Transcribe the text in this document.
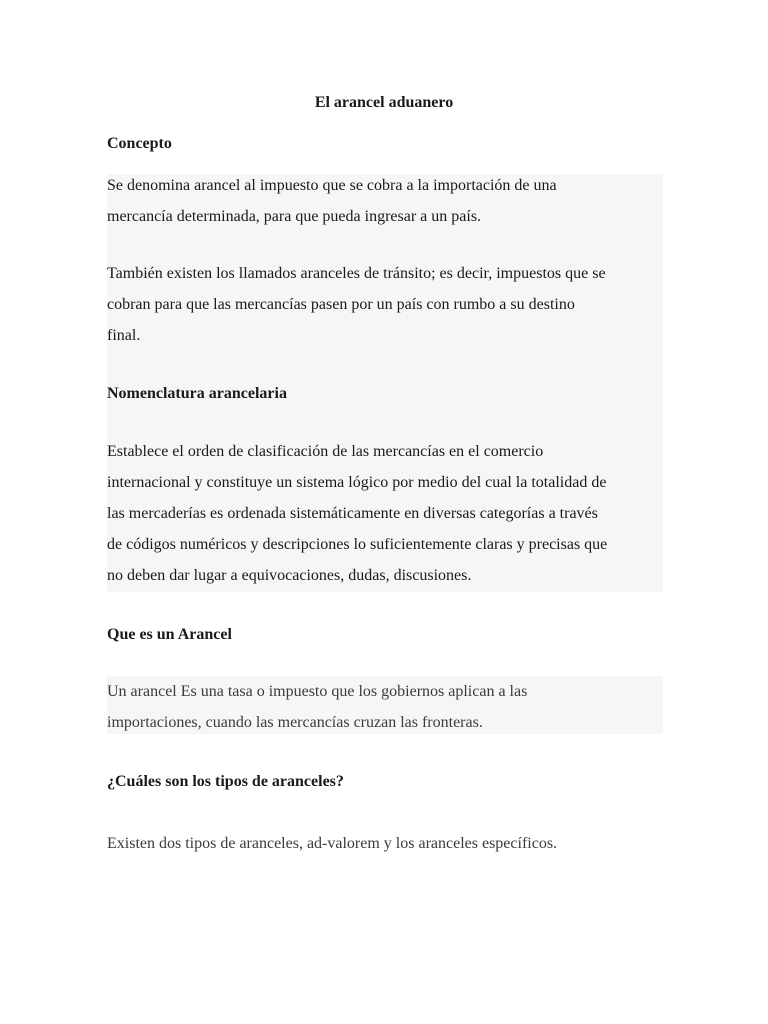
El arancel aduanero
Concepto
Se denomina arancel al impuesto que se cobra a la importación de una
mercancía determinada, para que pueda ingresar a un país.
También existen los llamados aranceles de tránsito; es decir, impuestos que se
cobran para que las mercancías pasen por un país con rumbo a su destino
final.
Nomenclatura arancelaria
Establece el orden de clasificación de las mercancías en el comercio
internacional y constituye un sistema lógico por medio del cual la totalidad de
las mercaderías es ordenada sistemáticamente en diversas categorías a través
de códigos numéricos y descripciones lo suficientemente claras y precisas que
no deben dar lugar a equivocaciones, dudas, discusiones.
Que es un Arancel
Un arancel Es una tasa o impuesto que los gobiernos aplican a las
importaciones, cuando las mercancías cruzan las fronteras.
¿Cuáles son los tipos de aranceles?
Existen dos tipos de aranceles, ad-valorem y los aranceles específicos.
